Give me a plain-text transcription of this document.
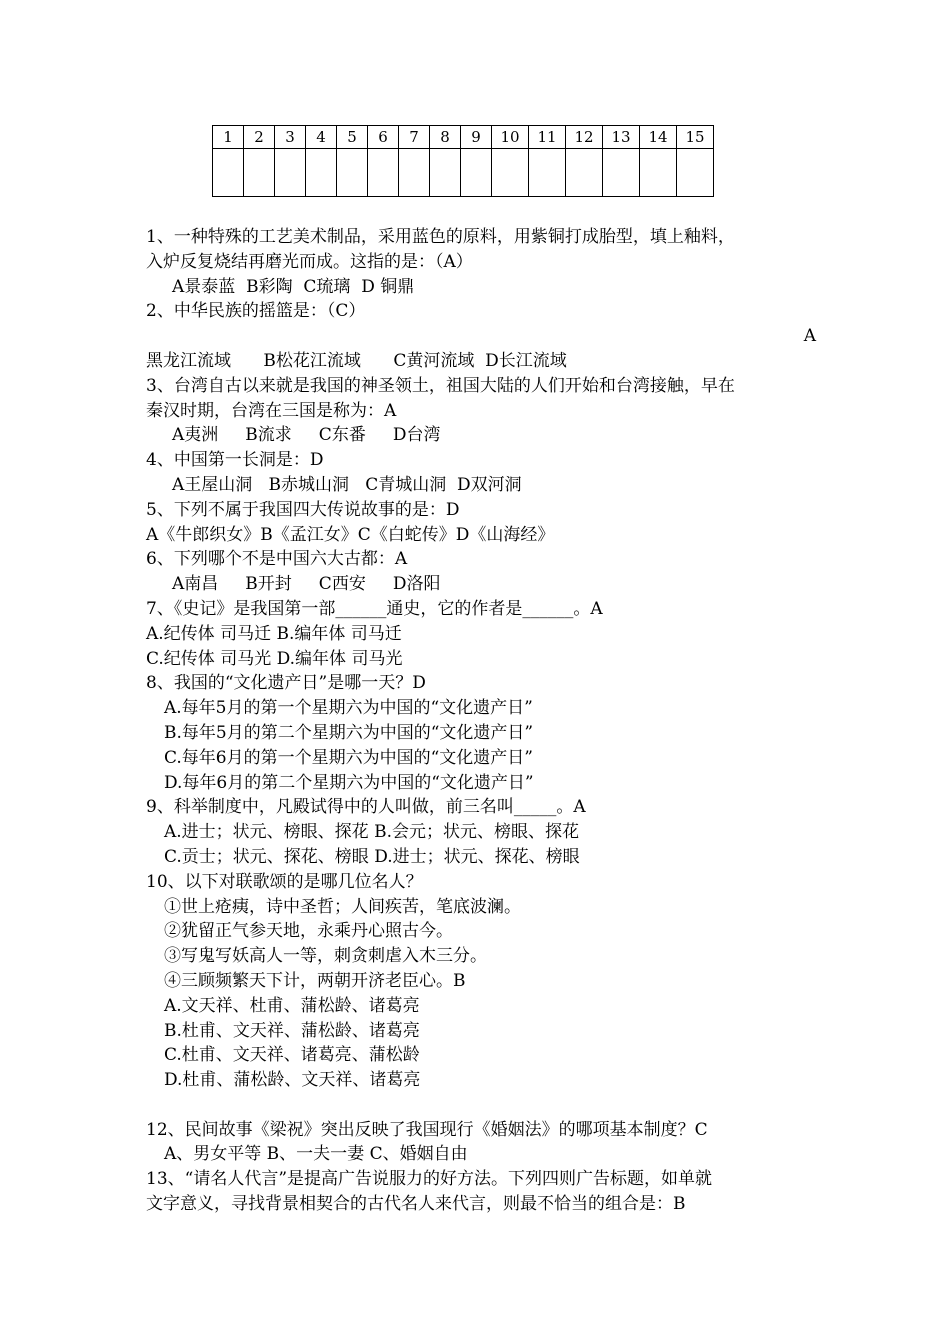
1	2	3	4	5	6	7	8	9	10	11	12	13	14	15

1、一种特殊的工艺美术制品，采用蓝色的原料，用紫铜打成胎型，填上釉料，
入炉反复烧结再磨光而成。这指的是：（A）
A景泰蓝  B彩陶  C琉璃  D 铜鼎
2、中华民族的摇篮是：（C）
A
黑龙江流域      B松花江流域      C黄河流域  D长江流域
3、台湾自古以来就是我国的神圣领土，祖国大陆的人们开始和台湾接触，早在
秦汉时期，台湾在三国是称为：A
A夷洲     B流求     C东番     D台湾
4、中国第一长洞是：D
A王屋山洞   B赤城山洞   C青城山洞  D双河洞
5、下列不属于我国四大传说故事的是：D
A《牛郎织女》B《孟江女》C《白蛇传》D《山海经》
6、下列哪个不是中国六大古都：A
A南昌     B开封     C西安     D洛阳
7、《史记》是我国第一部______通史，它的作者是______。A
A.纪传体 司马迁 B.编年体 司马迁
C.纪传体 司马光 D.编年体 司马光
8、我国的“文化遗产日”是哪一天？D
A.每年5月的第一个星期六为中国的“文化遗产日”
B.每年5月的第二个星期六为中国的“文化遗产日”
C.每年6月的第一个星期六为中国的“文化遗产日”
D.每年6月的第二个星期六为中国的“文化遗产日”
9、科举制度中，凡殿试得中的人叫做，前三名叫_____。A
A.进士；状元、榜眼、探花 B.会元；状元、榜眼、探花
C.贡士；状元、探花、榜眼 D.进士；状元、探花、榜眼
10、以下对联歌颂的是哪几位名人？
①世上疮痍，诗中圣哲；人间疾苦，笔底波澜。
②犹留正气参天地，永乘丹心照古今。
③写鬼写妖高人一等，刺贪刺虐入木三分。
④三顾频繁天下计，两朝开济老臣心。B
A.文天祥、杜甫、蒲松龄、诸葛亮
B.杜甫、文天祥、蒲松龄、诸葛亮
C.杜甫、文天祥、诸葛亮、蒲松龄
D.杜甫、蒲松龄、文天祥、诸葛亮
12、民间故事《梁祝》突出反映了我国现行《婚姻法》的哪项基本制度？C
A、男女平等 B、一夫一妻 C、婚姻自由
13、“请名人代言”是提高广告说服力的好方法。下列四则广告标题，如单就
文字意义，寻找背景相契合的古代名人来代言，则最不恰当的组合是：B
